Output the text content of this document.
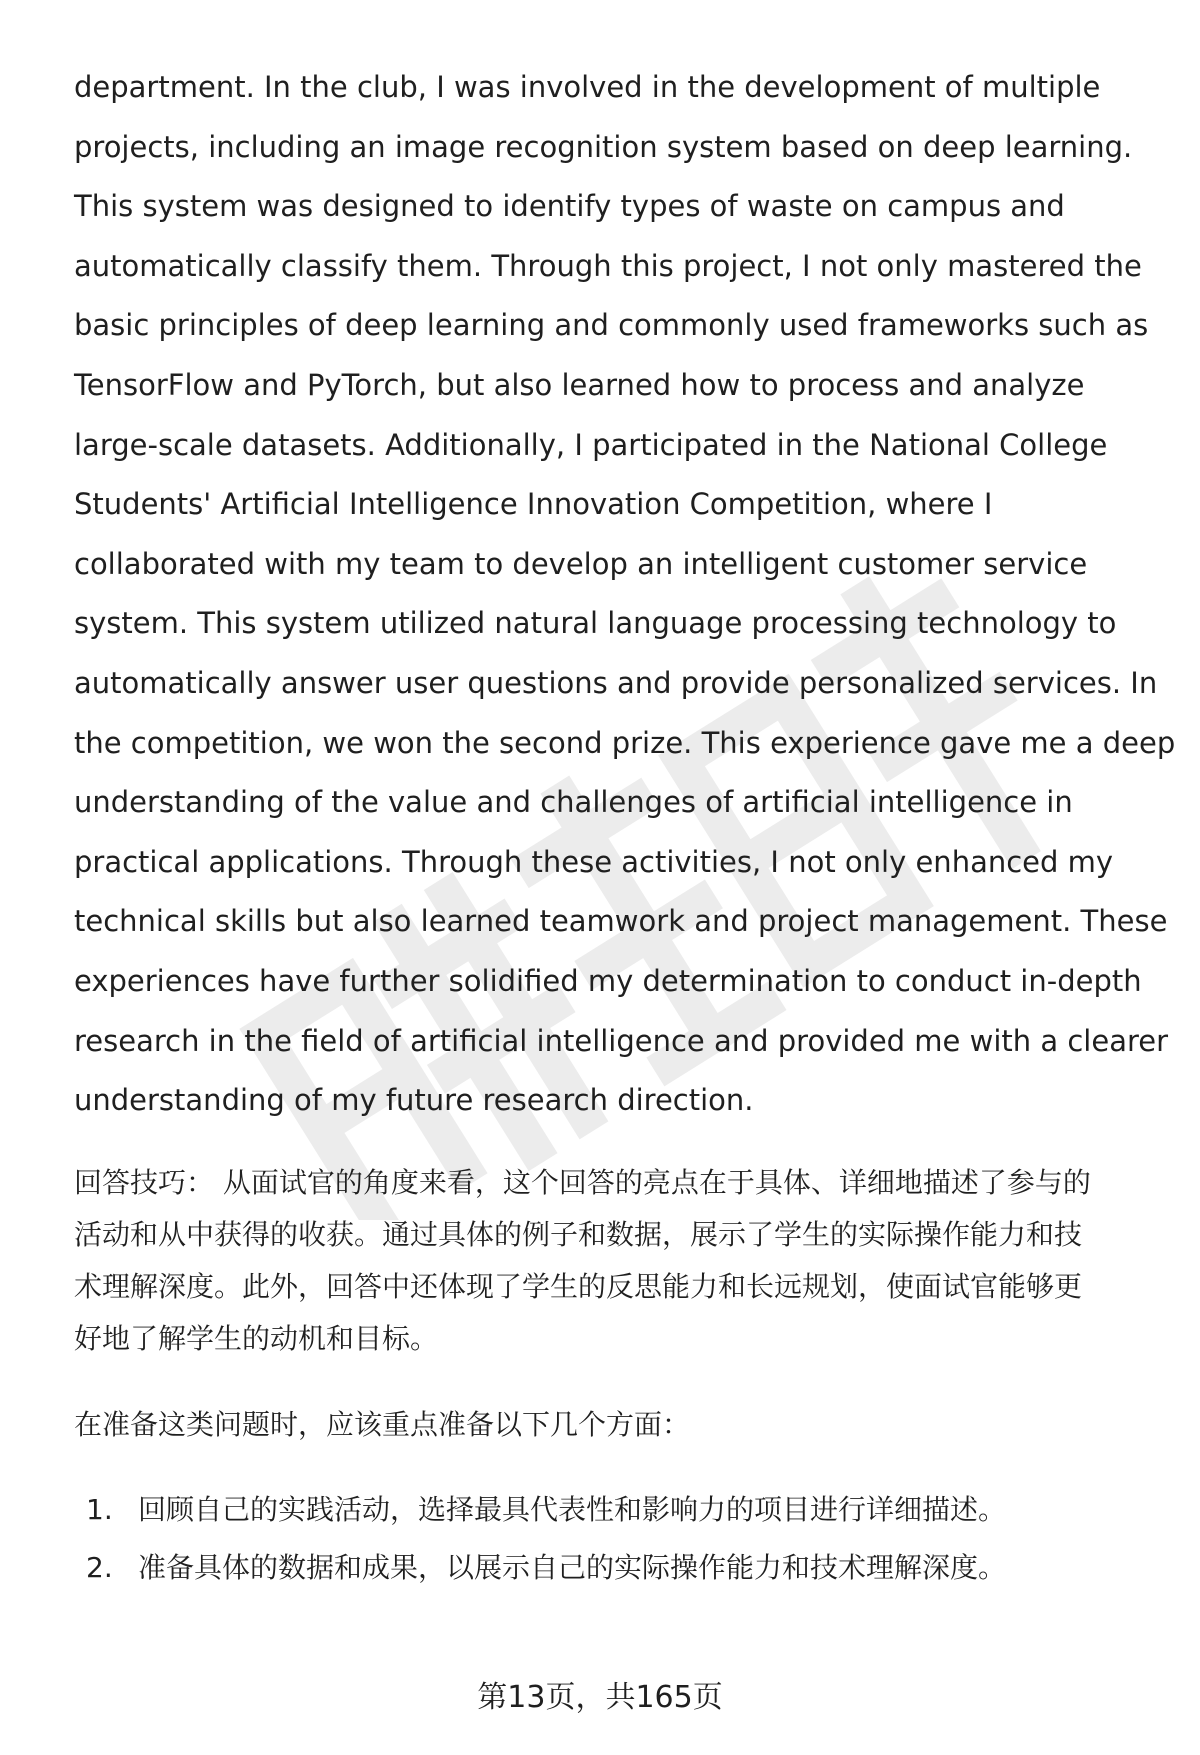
department. In the club, I was involved in the development of multiple
projects, including an image recognition system based on deep learning.
This system was designed to identify types of waste on campus and
automatically classify them. Through this project, I not only mastered the
basic principles of deep learning and commonly used frameworks such as
TensorFlow and PyTorch, but also learned how to process and analyze
large-scale datasets. Additionally, I participated in the National College
Students' Artificial Intelligence Innovation Competition, where I
collaborated with my team to develop an intelligent customer service
system. This system utilized natural language processing technology to
automatically answer user questions and provide personalized services. In
the competition, we won the second prize. This experience gave me a deep
understanding of the value and challenges of artificial intelligence in
practical applications. Through these activities, I not only enhanced my
technical skills but also learned teamwork and project management. These
experiences have further solidified my determination to conduct in-depth
research in the field of artificial intelligence and provided me with a clearer
understanding of my future research direction.

回答技巧： 从面试官的角度来看，这个回答的亮点在于具体、详细地描述了参与的
活动和从中获得的收获。通过具体的例子和数据，展示了学生的实际操作能力和技
术理解深度。此外，回答中还体现了学生的反思能力和长远规划，使面试官能够更
好地了解学生的动机和目标。

在准备这类问题时，应该重点准备以下几个方面：

1. 回顾自己的实践活动，选择最具代表性和影响力的项目进行详细描述。
2. 准备具体的数据和成果，以展示自己的实际操作能力和技术理解深度。
第13页，共165页
